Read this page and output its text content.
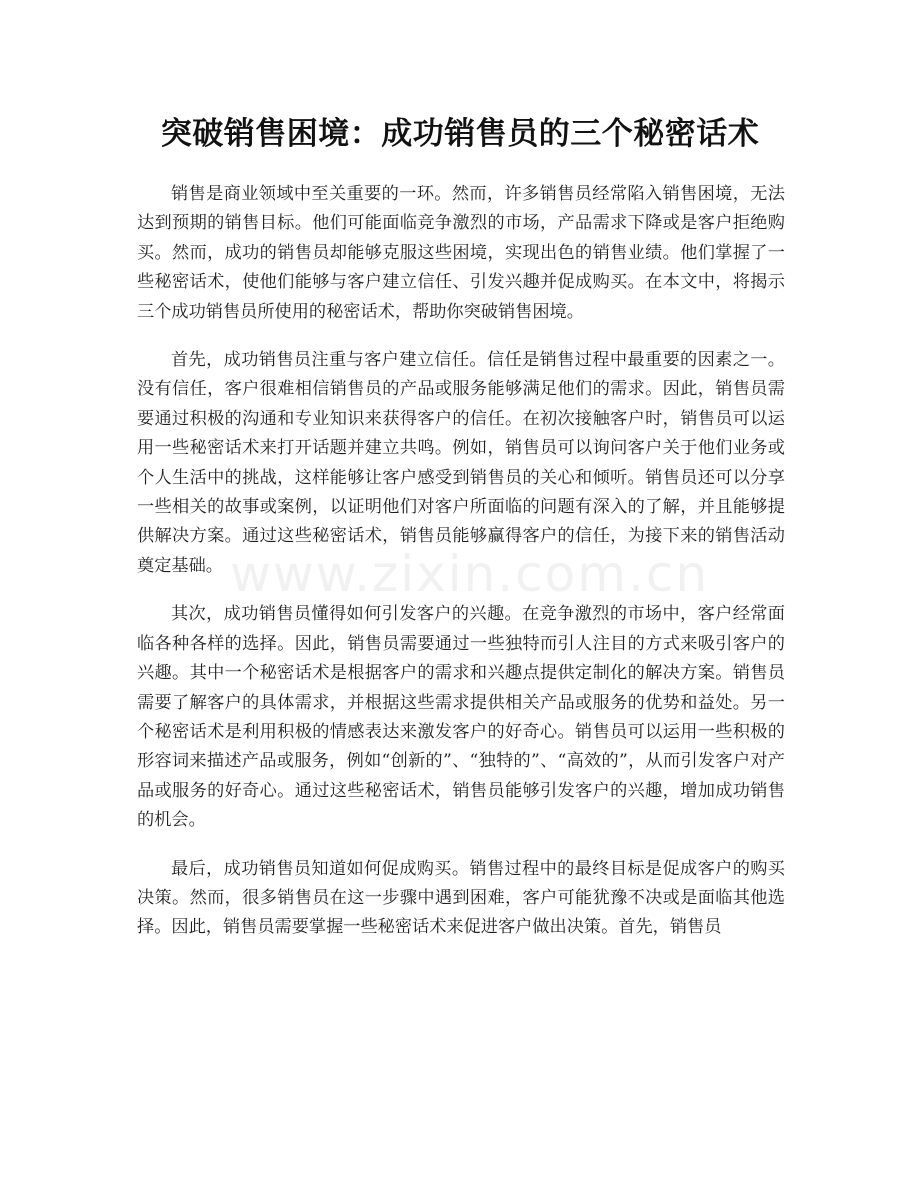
突破销售困境：成功销售员的三个秘密话术
www.zixin.com.cn

销售是商业领域中至关重要的一环。然而，许多销售员经常陷入销售困境，无法达到预期的销售目标。他们可能面临竞争激烈的市场，产品需求下降或是客户拒绝购买。然而，成功的销售员却能够克服这些困境，实现出色的销售业绩。他们掌握了一些秘密话术，使他们能够与客户建立信任、引发兴趣并促成购买。在本文中，将揭示三个成功销售员所使用的秘密话术，帮助你突破销售困境。

首先，成功销售员注重与客户建立信任。信任是销售过程中最重要的因素之一。没有信任，客户很难相信销售员的产品或服务能够满足他们的需求。因此，销售员需要通过积极的沟通和专业知识来获得客户的信任。在初次接触客户时，销售员可以运用一些秘密话术来打开话题并建立共鸣。例如，销售员可以询问客户关于他们业务或个人生活中的挑战，这样能够让客户感受到销售员的关心和倾听。销售员还可以分享一些相关的故事或案例，以证明他们对客户所面临的问题有深入的了解，并且能够提供解决方案。通过这些秘密话术，销售员能够赢得客户的信任，为接下来的销售活动奠定基础。

其次，成功销售员懂得如何引发客户的兴趣。在竞争激烈的市场中，客户经常面临各种各样的选择。因此，销售员需要通过一些独特而引人注目的方式来吸引客户的兴趣。其中一个秘密话术是根据客户的需求和兴趣点提供定制化的解决方案。销售员需要了解客户的具体需求，并根据这些需求提供相关产品或服务的优势和益处。另一个秘密话术是利用积极的情感表达来激发客户的好奇心。销售员可以运用一些积极的形容词来描述产品或服务，例如“创新的”、“独特的”、“高效的”，从而引发客户对产品或服务的好奇心。通过这些秘密话术，销售员能够引发客户的兴趣，增加成功销售的机会。

最后，成功销售员知道如何促成购买。销售过程中的最终目标是促成客户的购买决策。然而，很多销售员在这一步骤中遇到困难，客户可能犹豫不决或是面临其他选择。因此，销售员需要掌握一些秘密话术来促进客户做出决策。首先，销售员
